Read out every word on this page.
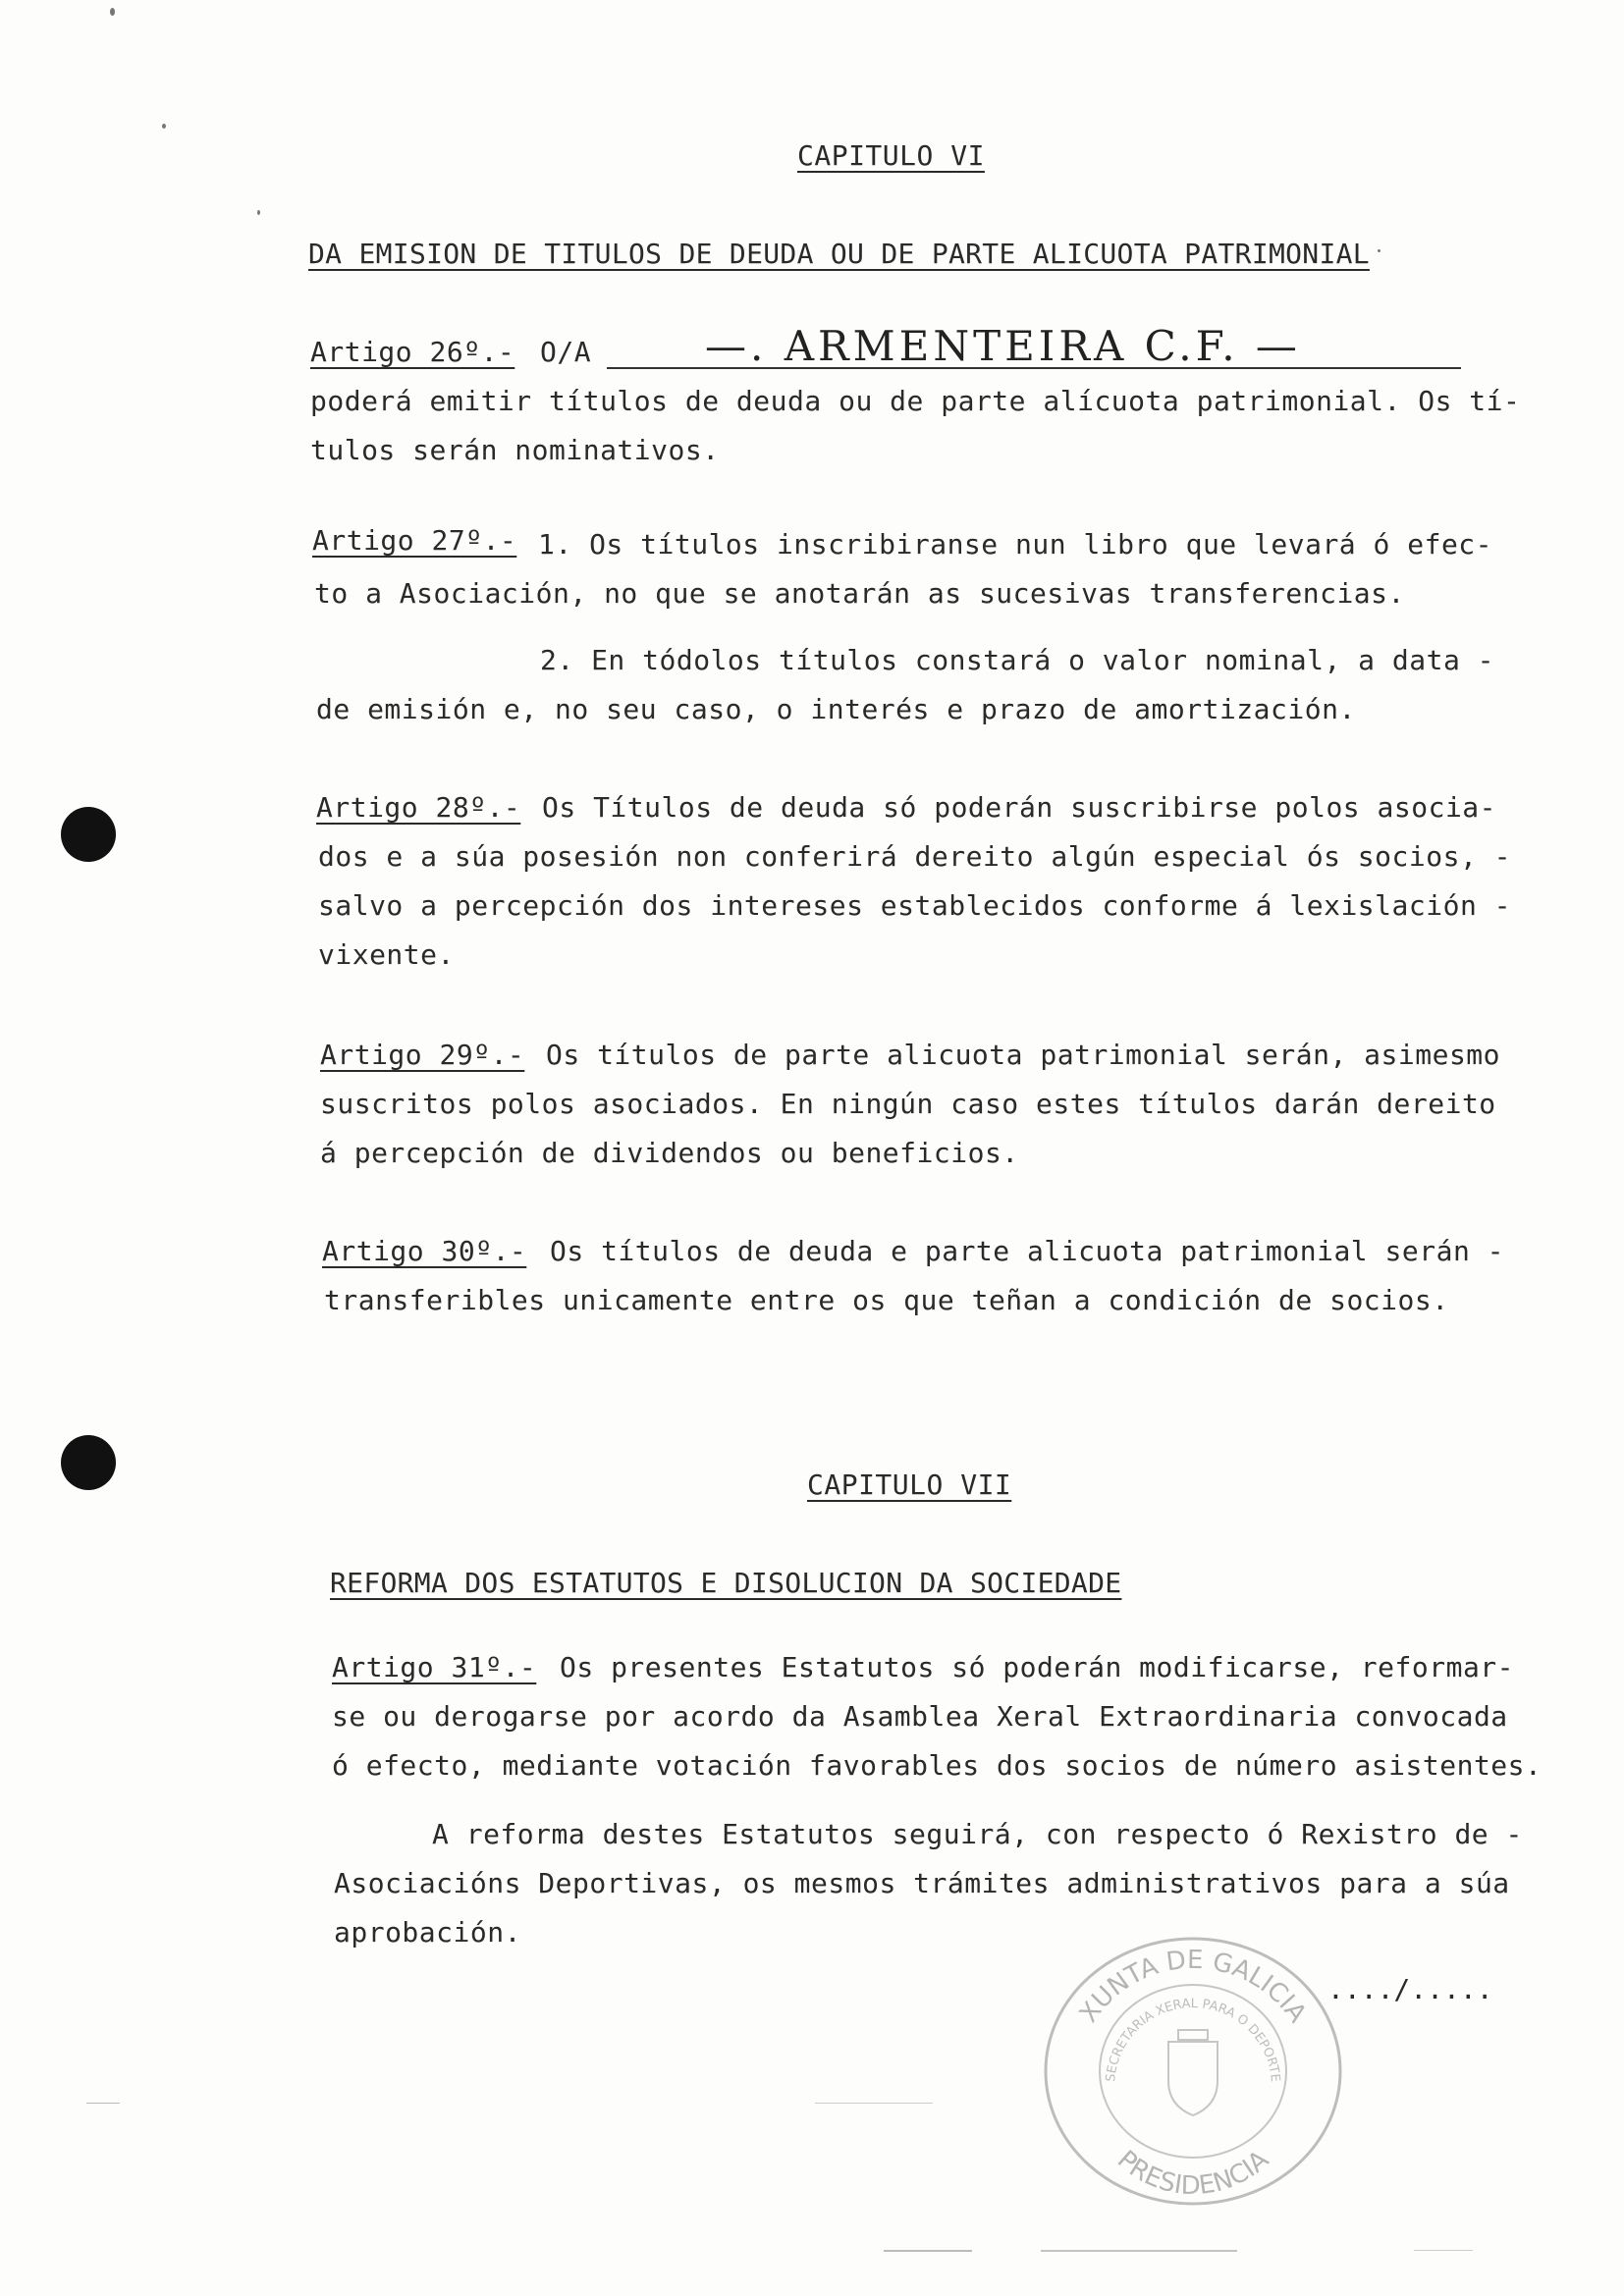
CAPITULO VI
DA EMISION DE TITULOS DE DEUDA OU DE PARTE ALICUOTA PATRIMONIAL
Artigo 26º.- O/A	—. ARMENTEIRA C.F. —
poderá emitir títulos de deuda ou de parte alícuota patrimonial. Os tí-
tulos serán nominativos.
Artigo 27º.- 1. Os títulos inscribiranse nun libro que levará ó efec-
to a Asociación, no que se anotarán as sucesivas transferencias.
2. En tódolos títulos constará o valor nominal, a data -
de emisión e, no seu caso, o interés e prazo de amortización.
Artigo 28º.- Os Títulos de deuda só poderán suscribirse polos asocia-
dos e a súa posesión non conferirá dereito algún especial ós socios, -
salvo a percepción dos intereses establecidos conforme á lexislación -
vixente.
Artigo 29º.- Os títulos de parte alicuota patrimonial serán, asimesmo
suscritos polos asociados. En ningún caso estes títulos darán dereito
á percepción de dividendos ou beneficios.
Artigo 30º.- Os títulos de deuda e parte alicuota patrimonial serán -
transferibles unicamente entre os que teñan a condición de socios.
CAPITULO VII
REFORMA DOS ESTATUTOS E DISOLUCION DA SOCIEDADE
Artigo 31º.- Os presentes Estatutos só poderán modificarse, reformar-
se ou derogarse por acordo da Asamblea Xeral Extraordinaria convocada
ó efecto, mediante votación favorables dos socios de número asistentes.
A reforma destes Estatutos seguirá, con respecto ó Rexistro de -
Asociacións Deportivas, os mesmos trámites administrativos para a súa
aprobación.
..../.....
XUNTA DE GALICIA
SECRETARIA XERAL PARA O DEPORTE
PRESIDENCIA
